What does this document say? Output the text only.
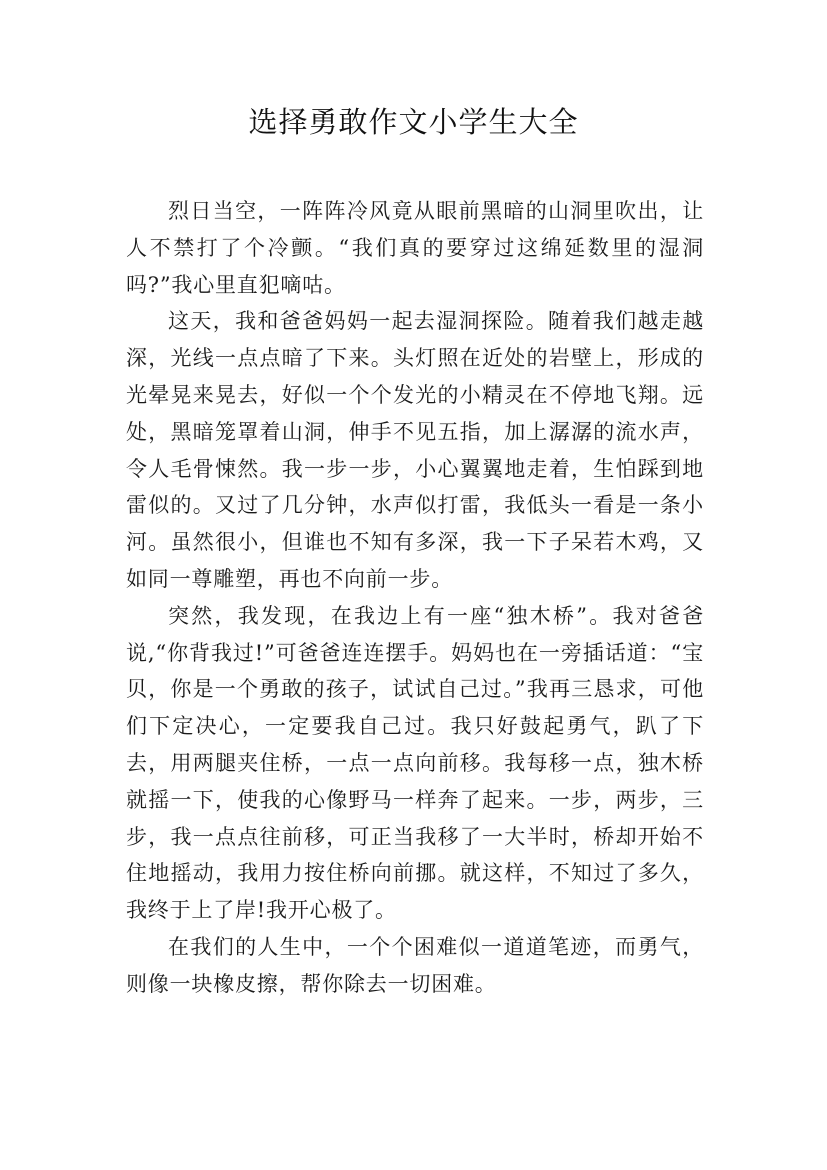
选择勇敢作文小学生大全

烈日当空，一阵阵冷风竟从眼前黑暗的山洞里吹出，让人不禁打了个冷颤。“我们真的要穿过这绵延数里的湿洞吗?”我心里直犯嘀咕。

这天，我和爸爸妈妈一起去湿洞探险。随着我们越走越深，光线一点点暗了下来。头灯照在近处的岩壁上，形成的光晕晃来晃去，好似一个个发光的小精灵在不停地飞翔。远处，黑暗笼罩着山洞，伸手不见五指，加上潺潺的流水声，令人毛骨悚然。我一步一步，小心翼翼地走着，生怕踩到地雷似的。又过了几分钟，水声似打雷，我低头一看是一条小河。虽然很小，但谁也不知有多深，我一下子呆若木鸡，又如同一尊雕塑，再也不向前一步。

突然，我发现，在我边上有一座“独木桥”。我对爸爸说,“你背我过!”可爸爸连连摆手。妈妈也在一旁插话道：“宝贝，你是一个勇敢的孩子，试试自己过。”我再三恳求，可他们下定决心，一定要我自己过。我只好鼓起勇气，趴了下去，用两腿夹住桥，一点一点向前移。我每移一点，独木桥就摇一下，使我的心像野马一样奔了起来。一步，两步，三步，我一点点往前移，可正当我移了一大半时，桥却开始不住地摇动，我用力按住桥向前挪。就这样，不知过了多久，我终于上了岸!我开心极了。

在我们的人生中，一个个困难似一道道笔迹，而勇气，则像一块橡皮擦，帮你除去一切困难。
